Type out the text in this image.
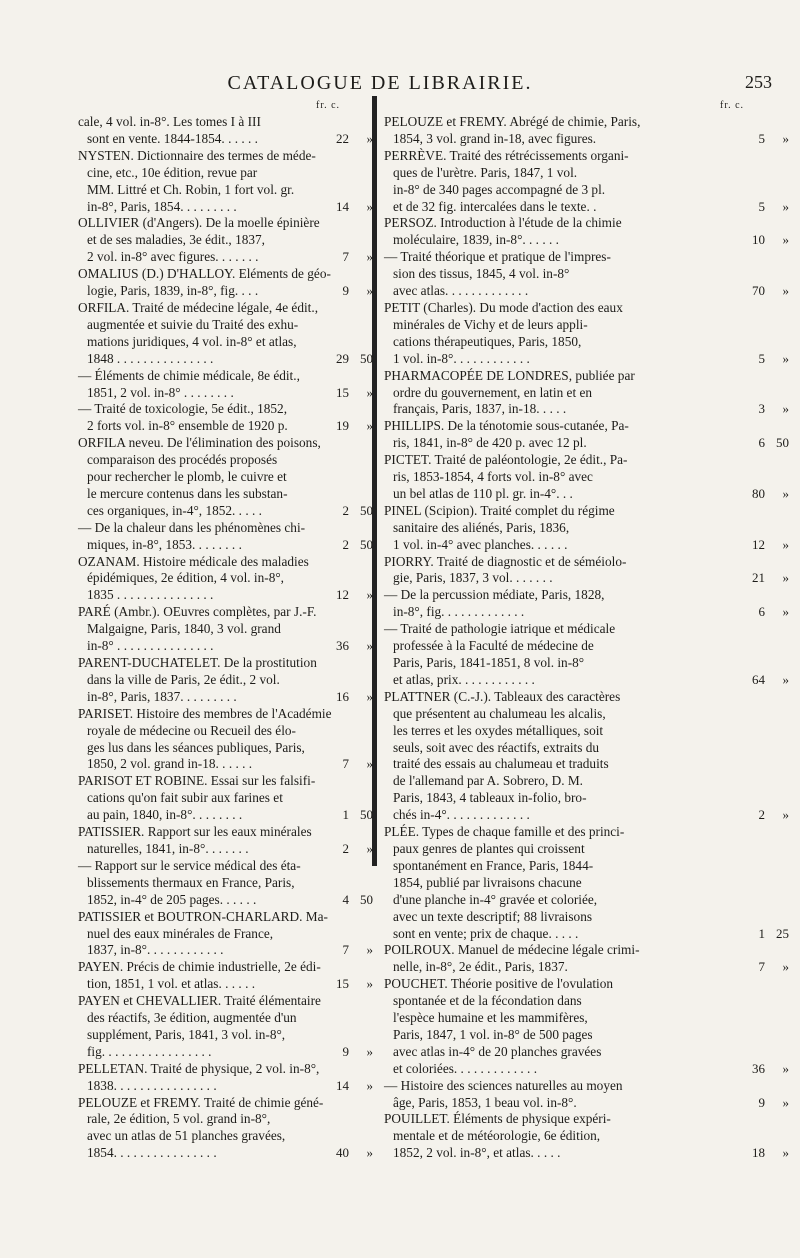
CATALOGUE DE LIBRAIRIE.	253
fr. c.	fr. c.
cale, 4 vol. in-8°. Les tomes I à III
sont en vente. 1844-1854. . . . . .	22 »
NYSTEN. Dictionnaire des termes de méde-
cine, etc., 10e édition, revue par
MM. Littré et Ch. Robin, 1 fort vol. gr.
in-8°, Paris, 1854. . . . . . . . .	14 »
OLLIVIER (d'Angers). De la moelle épinière
et de ses maladies, 3e édit., 1837,
2 vol. in-8° avec figures. . . . . . .	7 »
OMALIUS (D.) D'HALLOY. Eléments de géo-
logie, Paris, 1839, in-8°, fig. . . .	9 »
ORFILA. Traité de médecine légale, 4e édit.,
augmentée et suivie du Traité des exhu-
mations juridiques, 4 vol. in-8° et atlas,
1848 . . . . . . . . . . . . . . .	29 50
— Éléments de chimie médicale, 8e édit.,
1851, 2 vol. in-8° . . . . . . . .	15 »
— Traité de toxicologie, 5e édit., 1852,
2 forts vol. in-8° ensemble de 1920 p.	19 »
ORFILA neveu. De l'élimination des poisons,
comparaison des procédés proposés
pour rechercher le plomb, le cuivre et
le mercure contenus dans les substan-
ces organiques, in-4°, 1852. . . . .	2 50
— De la chaleur dans les phénomènes chi-
miques, in-8°, 1853. . . . . . . .	2 50
OZANAM. Histoire médicale des maladies
épidémiques, 2e édition, 4 vol. in-8°,
1835 . . . . . . . . . . . . . . .	12 »
PARÉ (Ambr.). OEuvres complètes, par J.-F.
Malgaigne, Paris, 1840, 3 vol. grand
in-8° . . . . . . . . . . . . . . .	36 »
PARENT-DUCHATELET. De la prostitution
dans la ville de Paris, 2e édit., 2 vol.
in-8°, Paris, 1837. . . . . . . . .	16 »
PARISET. Histoire des membres de l'Académie
royale de médecine ou Recueil des élo-
ges lus dans les séances publiques, Paris,
1850, 2 vol. grand in-18. . . . . .	7 »
PARISOT ET ROBINE. Essai sur les falsifi-
cations qu'on fait subir aux farines et
au pain, 1840, in-8°. . . . . . . .	1 50
PATISSIER. Rapport sur les eaux minérales
naturelles, 1841, in-8°. . . . . . .	2 »
— Rapport sur le service médical des éta-
blissements thermaux en France, Paris,
1852, in-4° de 205 pages. . . . . .	4 50
PATISSIER et BOUTRON-CHARLARD. Ma-
nuel des eaux minérales de France,
1837, in-8°. . . . . . . . . . . .	7 »
PAYEN. Précis de chimie industrielle, 2e édi-
tion, 1851, 1 vol. et atlas. . . . . .	15 »
PAYEN et CHEVALLIER. Traité élémentaire
des réactifs, 3e édition, augmentée d'un
supplément, Paris, 1841, 3 vol. in-8°,
fig. . . . . . . . . . . . . . . . .	9 »
PELLETAN. Traité de physique, 2 vol. in-8°,
1838. . . . . . . . . . . . . . . .	14 »
PELOUZE et FREMY. Traité de chimie géné-
rale, 2e édition, 5 vol. grand in-8°,
avec un atlas de 51 planches gravées,
1854. . . . . . . . . . . . . . . .	40 »
PELOUZE et FREMY. Abrégé de chimie, Paris,
1854, 3 vol. grand in-18, avec figures.	5 »
PERRÈVE. Traité des rétrécissements organi-
ques de l'urètre. Paris, 1847, 1 vol.
in-8° de 340 pages accompagné de 3 pl.
et de 32 fig. intercalées dans le texte. .	5 »
PERSOZ. Introduction à l'étude de la chimie
moléculaire, 1839, in-8°. . . . . .	10 »
— Traité théorique et pratique de l'impres-
sion des tissus, 1845, 4 vol. in-8°
avec atlas. . . . . . . . . . . . .	70 »
PETIT (Charles). Du mode d'action des eaux
minérales de Vichy et de leurs appli-
cations thérapeutiques, Paris, 1850,
1 vol. in-8°. . . . . . . . . . . .	5 »
PHARMACOPÉE DE LONDRES, publiée par
ordre du gouvernement, en latin et en
français, Paris, 1837, in-18. . . . .	3 »
PHILLIPS. De la ténotomie sous-cutanée, Pa-
ris, 1841, in-8° de 420 p. avec 12 pl.	6 50
PICTET. Traité de paléontologie, 2e édit., Pa-
ris, 1853-1854, 4 forts vol. in-8° avec
un bel atlas de 110 pl. gr. in-4°. . .	80 »
PINEL (Scipion). Traité complet du régime
sanitaire des aliénés, Paris, 1836,
1 vol. in-4° avec planches. . . . . .	12 »
PIORRY. Traité de diagnostic et de séméiolo-
gie, Paris, 1837, 3 vol. . . . . . .	21 »
— De la percussion médiate, Paris, 1828,
in-8°, fig. . . . . . . . . . . . .	6 »
— Traité de pathologie iatrique et médicale
professée à la Faculté de médecine de
Paris, Paris, 1841-1851, 8 vol. in-8°
et atlas, prix. . . . . . . . . . . .	64 »
PLATTNER (C.-J.). Tableaux des caractères
que présentent au chalumeau les alcalis,
les terres et les oxydes métalliques, soit
seuls, soit avec des réactifs, extraits du
traité des essais au chalumeau et traduits
de l'allemand par A. Sobrero, D. M.
Paris, 1843, 4 tableaux in-folio, bro-
chés in-4°. . . . . . . . . . . . .	2 »
PLÉE. Types de chaque famille et des princi-
paux genres de plantes qui croissent
spontanément en France, Paris, 1844-
1854, publié par livraisons chacune
d'une planche in-4° gravée et coloriée,
avec un texte descriptif; 88 livraisons
sont en vente; prix de chaque. . . . .	1 25
POILROUX. Manuel de médecine légale crimi-
nelle, in-8°, 2e édit., Paris, 1837.	7 »
POUCHET. Théorie positive de l'ovulation
spontanée et de la fécondation dans
l'espèce humaine et les mammifères,
Paris, 1847, 1 vol. in-8° de 500 pages
avec atlas in-4° de 20 planches gravées
et coloriées. . . . . . . . . . . . .	36 »
— Histoire des sciences naturelles au moyen
âge, Paris, 1853, 1 beau vol. in-8°.	9 »
POUILLET. Éléments de physique expéri-
mentale et de météorologie, 6e édition,
1852, 2 vol. in-8°, et atlas. . . . .	18 »
